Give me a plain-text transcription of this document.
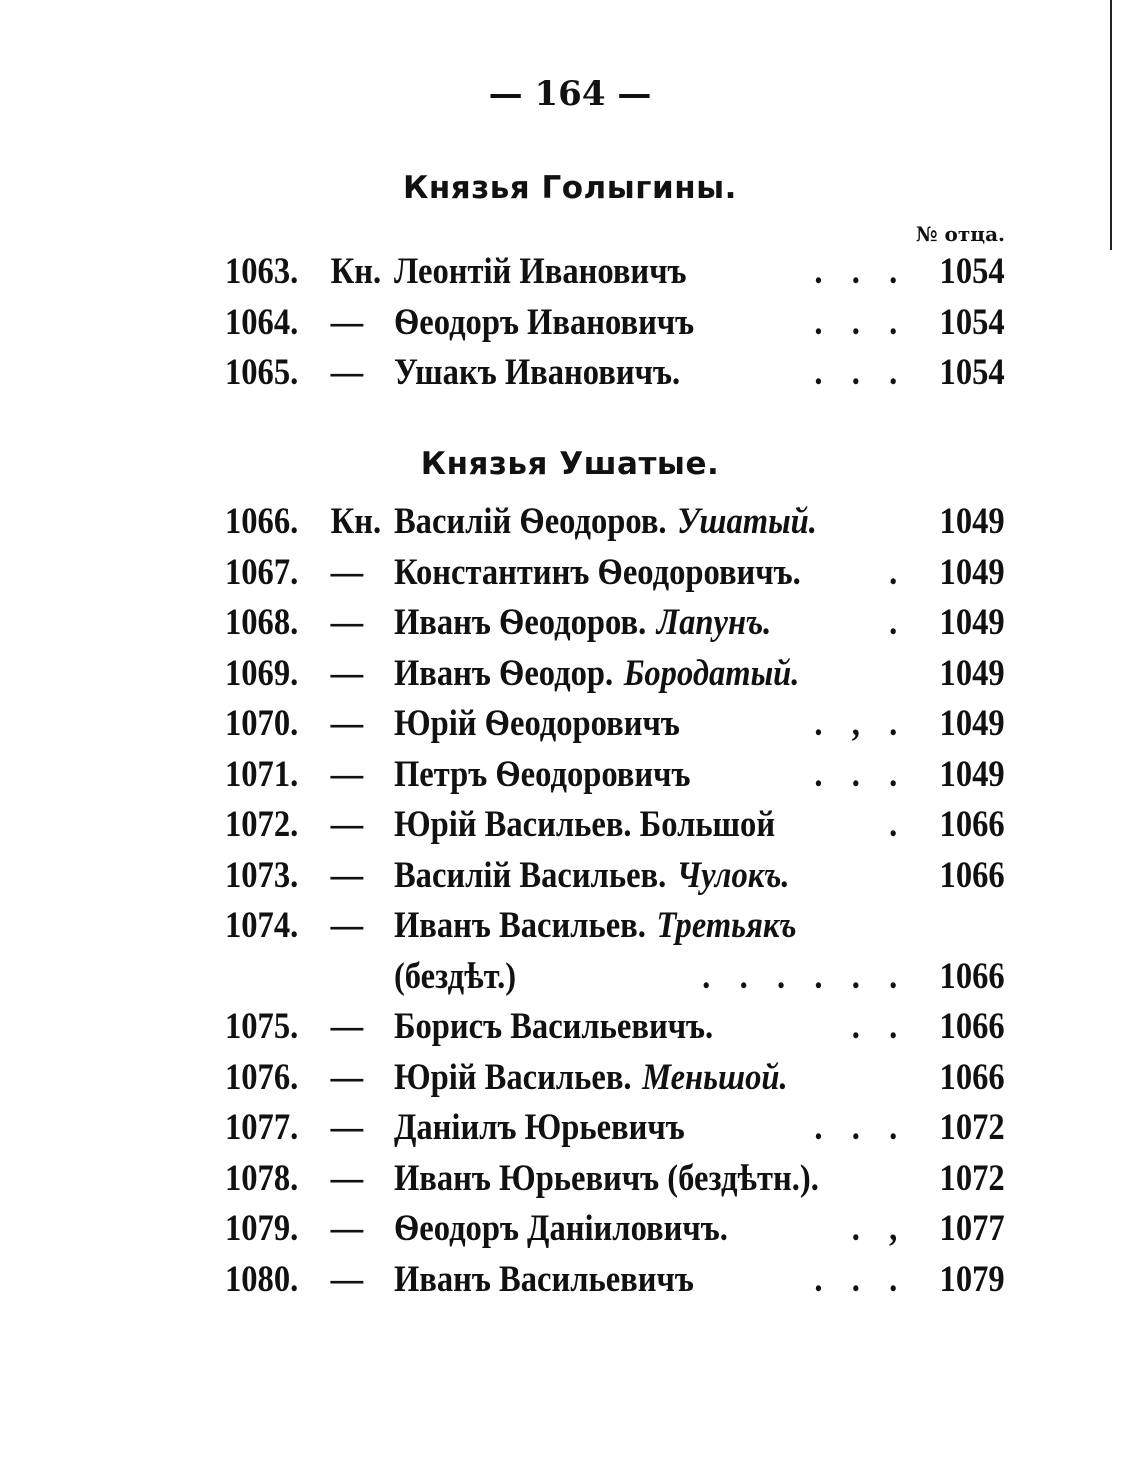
— 164 —
Князья Голыгины.
№ отца.
1063. Кн. Леонтій Ивановичъ	. . . 1054
1064. — Ѳеодоръ Ивановичъ	. . . 1054
1065. — Ушакъ Ивановичъ.	. . . 1054
Князья Ушатые.
1066. Кн. Василій Ѳеодоров. Ушатый.	1049
1067. — Константинъ Ѳеодоровичъ.	. 1049
1068. — Иванъ Ѳеодоров. Лапунъ.	. 1049
1069. — Иванъ Ѳеодор. Бородатый.	1049
1070. — Юрій Ѳеодоровичъ	. , . 1049
1071. — Петръ Ѳеодоровичъ	. . . 1049
1072. — Юрій Васильев. Большой	. 1066
1073. — Василій Васильев. Чулокъ.	1066
1074. — Иванъ Васильев. Третьякъ
(бездѣт.)	. . . . . . 1066
1075. — Борисъ Васильевичъ.	. . 1066
1076. — Юрій Васильев. Меньшой.	1066
1077. — Даніилъ Юрьевичъ	. . . 1072
1078. — Иванъ Юрьевичъ (бездѣтн.).	1072
1079. — Ѳеодоръ Даніиловичъ.	. , 1077
1080. — Иванъ Васильевичъ	. . . 1079
